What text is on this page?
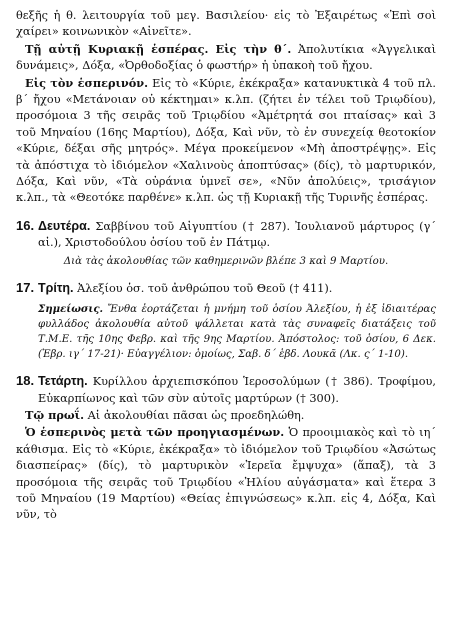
θεξῆς ἡ θ. λειτουργία τοῦ μεγ. Βασιλείου· εἰς τὸ Ἐξαιρέτως «Ἐπὶ σοὶ χαίρει» κοινωνικὸν «Αἰνεῖτε».

Τῇ αὐτῇ Κυριακῇ ἑσπέρας. Εἰς τὴν θ΄. Ἀπολυτίκια «Ἀγγελικαὶ δυνάμεις», Δόξα, «Ὀρθοδοξίας ὁ φωστήρ» ἡ ὑπακοὴ τοῦ ἤχου.

Εἰς τὸν ἑσπερινόν. Εἰς τὸ «Κύριε, ἐκέκραξα» κατανυκτικὰ 4 τοῦ πλ. β΄ ἤχου «Μετάνοιαν οὐ κέκτημαι» κ.λπ. (ζήτει ἐν τέλει τοῦ Τριῳδίου), προσόμοια 3 τῆς σειρᾶς τοῦ Τριῳδίου «Ἀμέτρητά σοι πταίσας» καὶ 3 τοῦ Μηναίου (16ης Μαρτίου), Δόξα, Καὶ νῦν, τὸ ἐν συνεχείᾳ θεοτοκίον «Κύριε, δέξαι σῆς μητρός». Μέγα προκείμενον «Μὴ ἀποστρέψῃς». Εἰς τὰ ἀπόστιχα τὸ ἰδιόμελον «Χαλινοὺς ἀποπτύσας» (δίς), τὸ μαρτυρικόν, Δόξα, Καὶ νῦν, «Τὰ οὐράνια ὑμνεῖ σε», «Νῦν ἀπολύεις», τρισάγιον κ.λπ., τὰ «Θεοτόκε παρθένε» κ.λπ. ὡς τῇ Κυριακῇ τῆς Τυρινῆς ἑσπέρας.

16. Δευτέρα. Σαββίνου τοῦ Αἰγυπτίου († 287). Ἰουλιανοῦ μάρτυρος (γ΄ αἰ.), Χριστοδούλου ὁσίου τοῦ ἐν Πάτμῳ.

Διὰ τὰς ἀκολουθίας τῶν καθημερινῶν βλέπε 3 καὶ 9 Μαρτίου.

17. Τρίτη. Ἀλεξίου ὁσ. τοῦ ἀνθρώπου τοῦ Θεοῦ († 411).

Σημείωσις. Ἔνθα ἑορτάζεται ἡ μνήμη τοῦ ὁσίου Ἀλεξίου, ἡ ἐξ ἰδιαιτέρας φυλλάδος ἀκολουθία αὐτοῦ ψάλλεται κατὰ τὰς συναφεῖς διατάξεις τοῦ Τ.Μ.Ε. τῆς 10ης Φεβρ. καὶ τῆς 9ης Μαρτίου. Ἀπόστολος: τοῦ ὁσίου, 6 Δεκ. (Ἑβρ. ιγ΄ 17-21)· Εὐαγγέλιον: ὁμοίως, Σαβ. δ΄ ἑβδ. Λουκᾶ (Λκ. ς΄ 1-10).

18. Τετάρτη. Κυρίλλου ἀρχιεπισκόπου Ἱεροσολύμων († 386). Τροφίμου, Εὐκαρπίωνος καὶ τῶν σὺν αὐτοῖς μαρτύρων († 300).

Τῷ πρωΐ. Αἱ ἀκολουθίαι πᾶσαι ὡς προεδηλώθη.

Ὁ ἑσπερινὸς μετὰ τῶν προηγιασμένων. Ὁ προοιμιακὸς καὶ τὸ ιη΄ κάθισμα. Εἰς τὸ «Κύριε, ἐκέκραξα» τὸ ἰδιόμελον τοῦ Τριῳδίου «Ἀσώτως διασπείρας» (δίς), τὸ μαρτυρικὸν «Ἱερεῖα ἔμψυχα» (ἅπαξ), τὰ 3 προσόμοια τῆς σειρᾶς τοῦ Τριῳδίου «Ἡλίου αὐγάσματα» καὶ ἕτερα 3 τοῦ Μηναίου (19 Μαρτίου) «Θείας ἐπιγνώσεως» κ.λπ. εἰς 4, Δόξα, Καὶ νῦν, τὸ
